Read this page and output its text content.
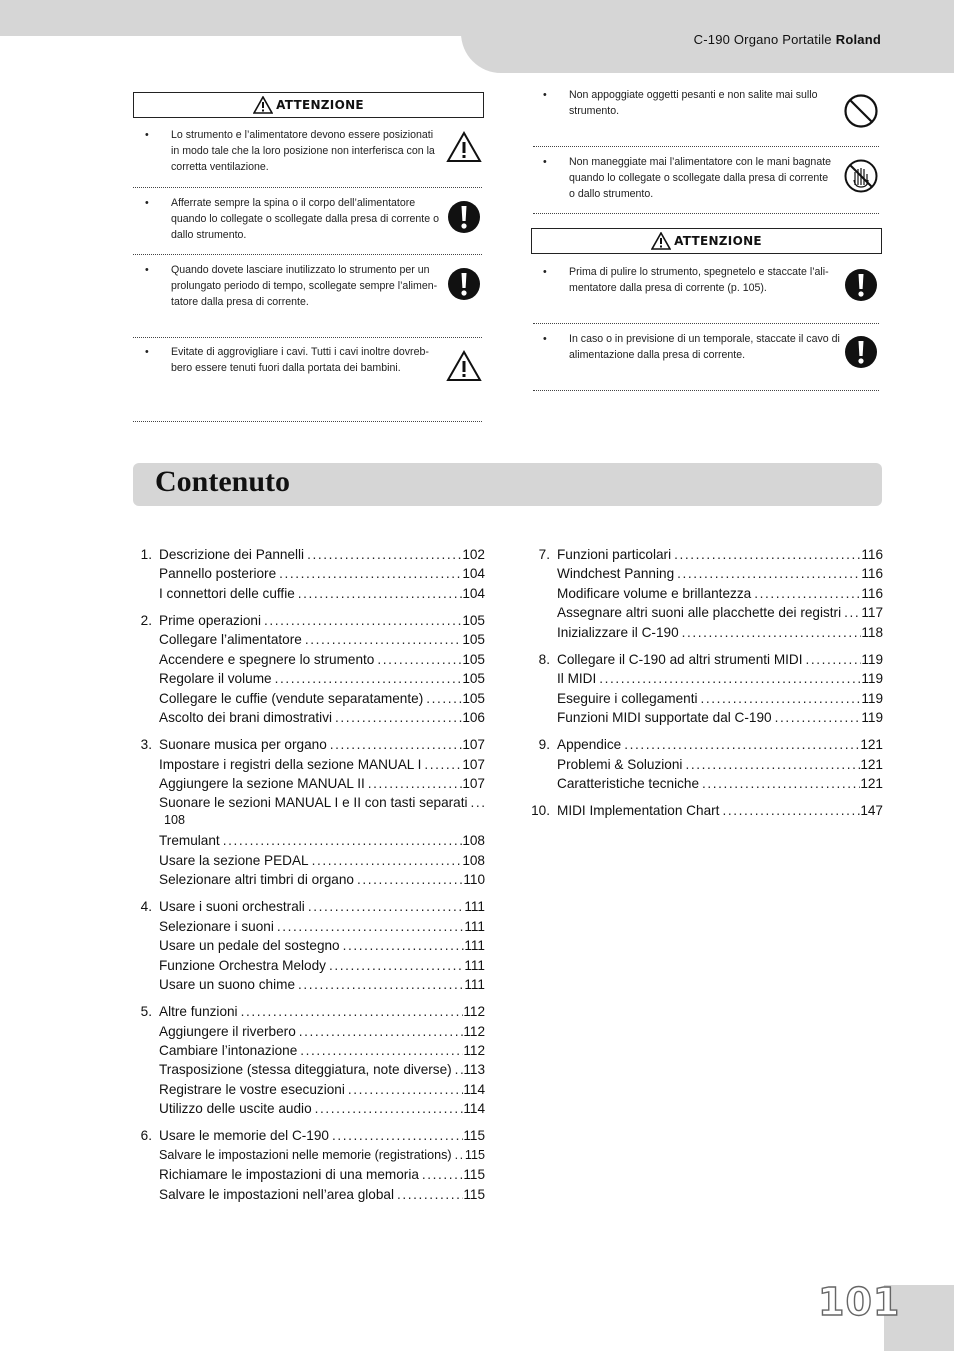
C-190 Organo Portatile Roland
ATTENZIONE
• Lo strumento e l’alimentatore devono essere posizionati
in modo tale che la loro posizione non interferisca con la
corretta ventilazione.
• Afferrate sempre la spina o il corpo dell’alimentatore
quando lo collegate o scollegate dalla presa di corrente o
dallo strumento.
• Quando dovete lasciare inutilizzato lo strumento per un
prolungato periodo di tempo, scollegate sempre l’alimen-
tatore dalla presa di corrente.
• Evitate di aggrovigliare i cavi. Tutti i cavi inoltre dovreb-
bero essere tenuti fuori dalla portata dei bambini.
• Non appoggiate oggetti pesanti e non salite mai sullo
strumento.
• Non maneggiate mai l’alimentatore con le mani bagnate
quando lo collegate o scollegate dalla presa di corrente
o dallo strumento.
ATTENZIONE
• Prima di pulire lo strumento, spegnetelo e staccate l’ali-
mentatore dalla presa di corrente (p. 105).
• In caso o in previsione di un temporale, staccate il cavo di
alimentazione dalla presa di corrente.
Contenuto
1. Descrizione dei Pannelli .....	102
Pannello posteriore .....	104
I connettori delle cuffie .....	104
2. Prime operazioni .....	105
Collegare l’alimentatore .....	105
Accendere e spegnere lo strumento .....	105
Regolare il volume .....	105
Collegare le cuffie (vendute separatamente) .....	105
Ascolto dei brani dimostrativi .....	106
3. Suonare musica per organo .....	107
Impostare i registri della sezione MANUAL I .....	107
Aggiungere la sezione MANUAL II .....	107
Suonare le sezioni MANUAL I e II con tasti separati
.....
108
Tremulant .....	108
Usare la sezione PEDAL .....	108
Selezionare altri timbri di organo .....	110
4. Usare i suoni orchestrali .....	111
Selezionare i suoni .....	111
Usare un pedale del sostegno .....	111
Funzione Orchestra Melody .....	111
Usare un suono chime .....	111
5. Altre funzioni .....	112
Aggiungere il riverbero .....	112
Cambiare l’intonazione .....	112
Trasposizione (stessa diteggiatura, note diverse) ..... 113
Registrare le vostre esecuzioni .....	114
Utilizzo delle uscite audio .....	114
6. Usare le memorie del C-190 .....	115
Salvare le impostazioni nelle memorie (registrations) ..... 115
Richiamare le impostazioni di una memoria .....	115
Salvare le impostazioni nell’area global .....	115
7. Funzioni particolari .....	116
Windchest Panning .....	116
Modificare volume e brillantezza .....	116
Assegnare altri suoni alle placchette dei registri ..... 117
Inizializzare il C-190 .....	118
8. Collegare il C-190 ad altri strumenti MIDI .....	119
Il MIDI .....	119
Eseguire i collegamenti .....	119
Funzioni MIDI supportate dal C-190 .....	119
9. Appendice .....	121
Problemi & Soluzioni .....	121
Caratteristiche tecniche .....	121
10. MIDI Implementation Chart .....	147
101
